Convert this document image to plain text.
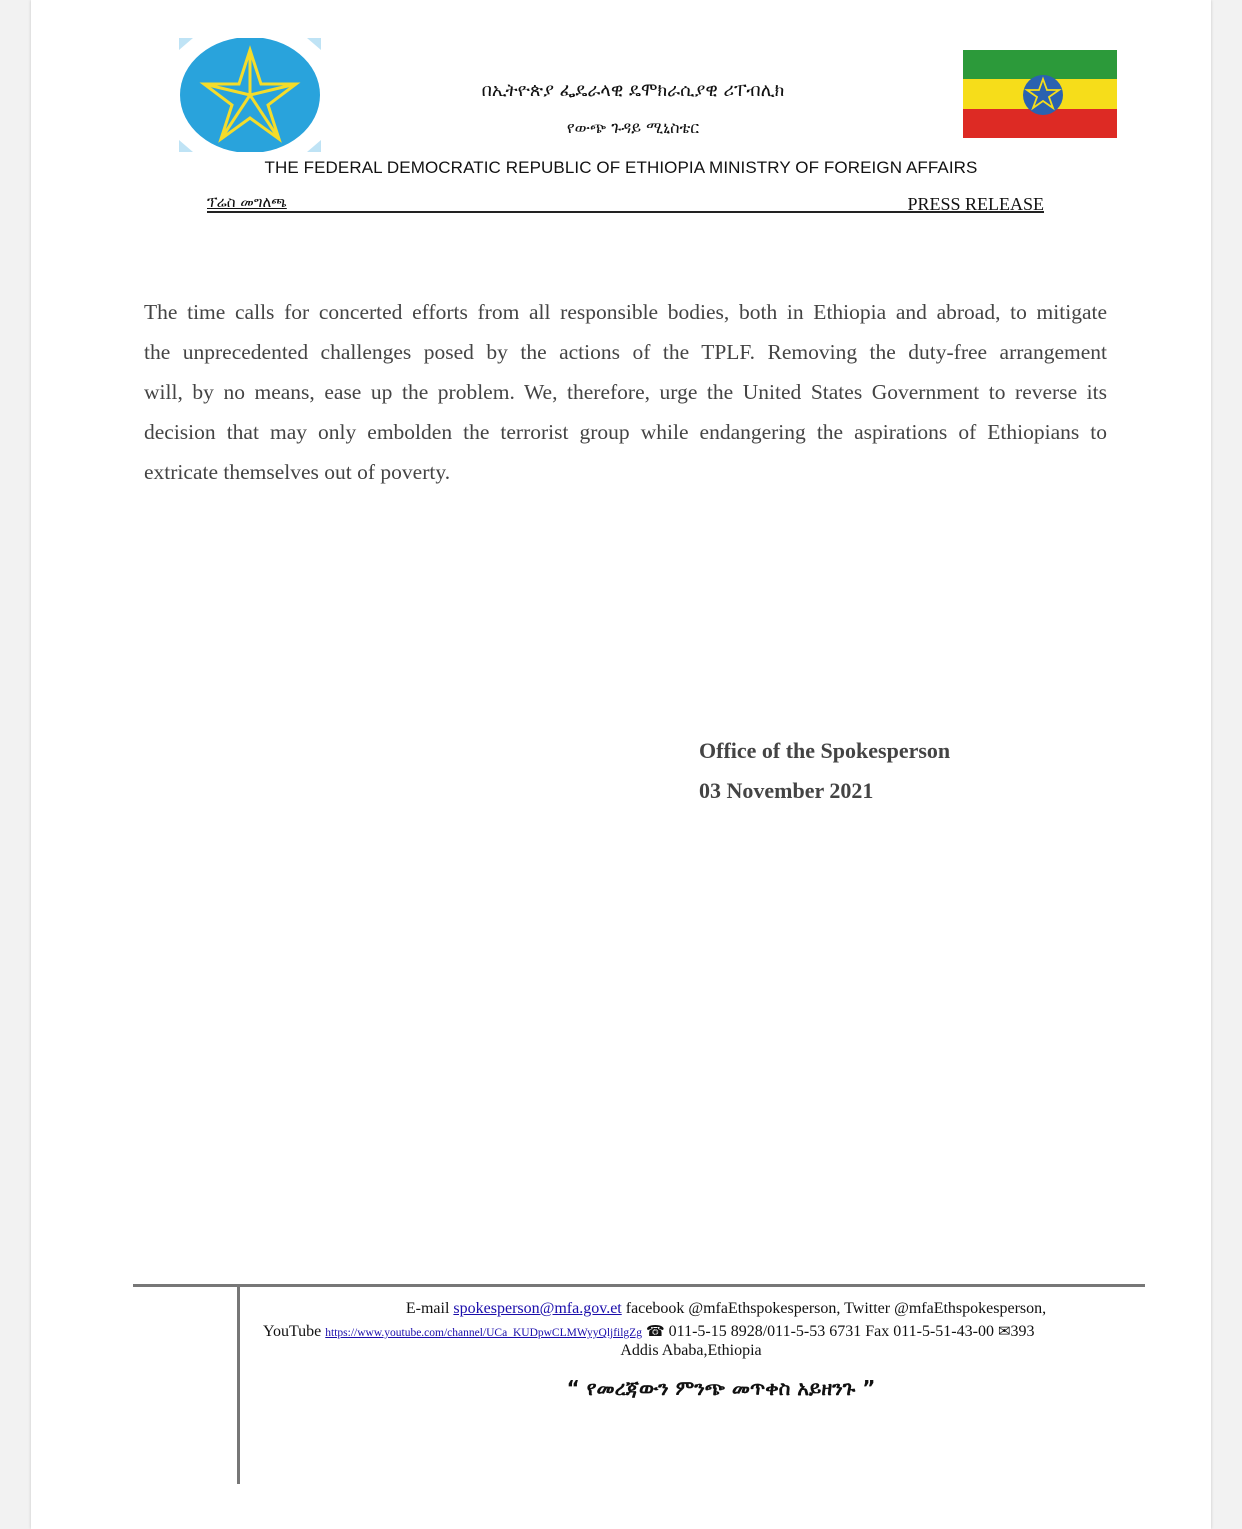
በኢትዮጵያ ፌዴራላዊ ዴሞክራሲያዊ ሪፐብሊክ
የውጭ ጉዳይ ሚኒስቴር
THE FEDERAL DEMOCRATIC REPUBLIC OF ETHIOPIA MINISTRY OF FOREIGN AFFAIRS
ፕሬስ መግለጫ	PRESS RELEASE
The time calls for concerted efforts from all responsible bodies, both in Ethiopia and abroad, to mitigate
the unprecedented challenges posed by the actions of the TPLF. Removing the duty-free arrangement
will, by no means, ease up the problem. We, therefore, urge the United States Government to reverse its
decision that may only embolden the terrorist group while endangering the aspirations of Ethiopians to
extricate themselves out of poverty.
Office of the Spokesperson
03 November 2021
E-mail spokesperson@mfa.gov.et facebook @mfaEthspokesperson, Twitter @mfaEthspokesperson,
YouTube https://www.youtube.com/channel/UCa_KUDpwCLMWyyQljfilgZg ☎ 011-5-15 8928/011-5-53 6731 Fax 011-5-51-43-00 ✉393
Addis Ababa,Ethiopia
“ የመረጃውን ምንጭ መጥቀስ አይዘንጉ ”
